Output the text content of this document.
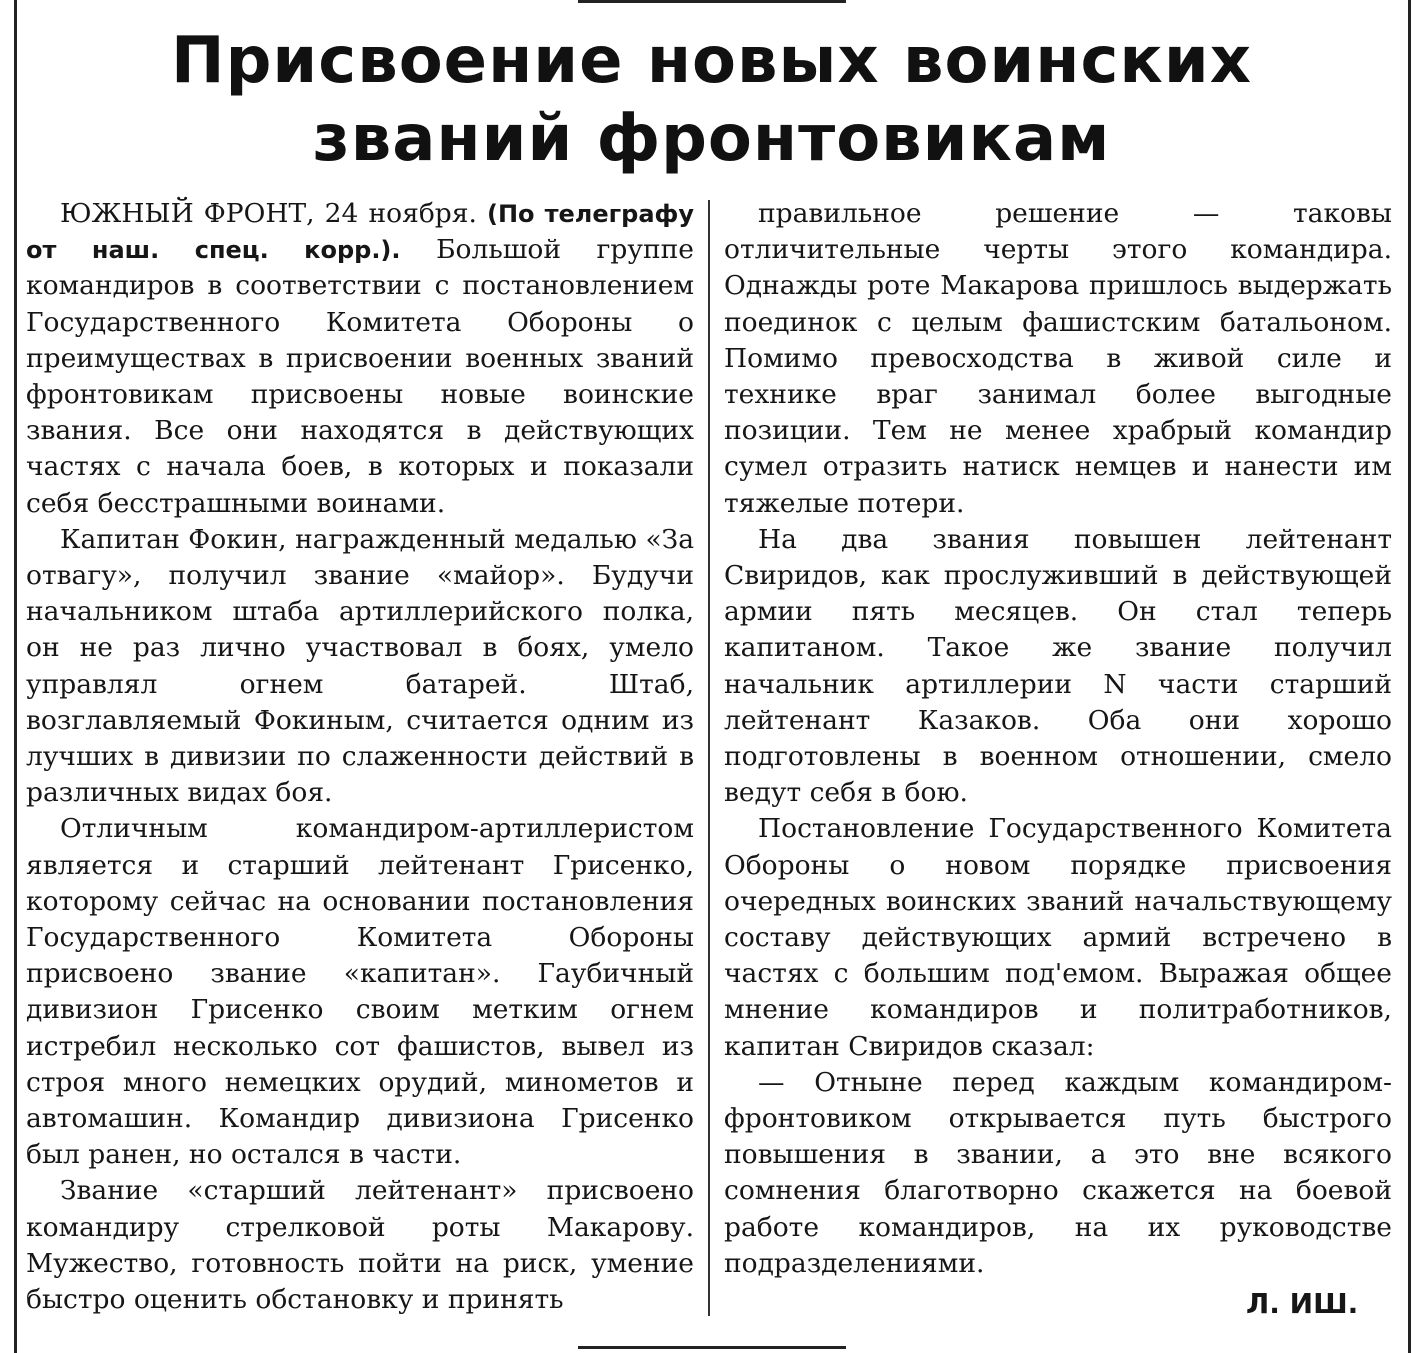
Присвоение новых воинских званий фронтовикам

ЮЖНЫЙ ФРОНТ, 24 ноября. (По телеграфу от наш. спец. корр.). Большой группе командиров в соответствии с постановлением Государственного Комитета Обороны о преимуществах в присвоении военных званий фронтовикам присвоены новые воинские звания. Все они находятся в действующих частях с начала боев, в которых и показали себя бесстрашными воинами.

Капитан Фокин, награжденный медалью «За отвагу», получил звание «майор». Будучи начальником штаба артиллерийского полка, он не раз лично участвовал в боях, умело управлял огнем батарей. Штаб, возглавляемый Фокиным, считается одним из лучших в дивизии по слаженности действий в различных видах боя.

Отличным командиром-артиллеристом является и старший лейтенант Грисенко, которому сейчас на основании постановления Государственного Комитета Обороны присвоено звание «капитан». Гаубичный дивизион Грисенко своим метким огнем истребил несколько сот фашистов, вывел из строя много немецких орудий, минометов и автомашин. Командир дивизиона Грисенко был ранен, но остался в части.

Звание «старший лейтенант» присвоено командиру стрелковой роты Макарову. Мужество, готовность пойти на риск, умение быстро оценить обстановку и принять

правильное решение — таковы отличительные черты этого командира. Однажды роте Макарова пришлось выдержать поединок с целым фашистским батальоном. Помимо превосходства в живой силе и технике враг занимал более выгодные позиции. Тем не менее храбрый командир сумел отразить натиск немцев и нанести им тяжелые потери.

На два звания повышен лейтенант Свиридов, как прослуживший в действующей армии пять месяцев. Он стал теперь капитаном. Такое же звание получил начальник артиллерии N части старший лейтенант Казаков. Оба они хорошо подготовлены в военном отношении, смело ведут себя в бою.

Постановление Государственного Комитета Обороны о новом порядке присвоения очередных воинских званий начальствующему составу действующих армий встречено в частях с большим под'емом. Выражая общее мнение командиров и политработников, капитан Свиридов сказал:

— Отныне перед каждым командиром-фронтовиком открывается путь быстрого повышения в звании, а это вне всякого сомнения благотворно скажется на боевой работе командиров, на их руководстве подразделениями.

Л. ИШ.
